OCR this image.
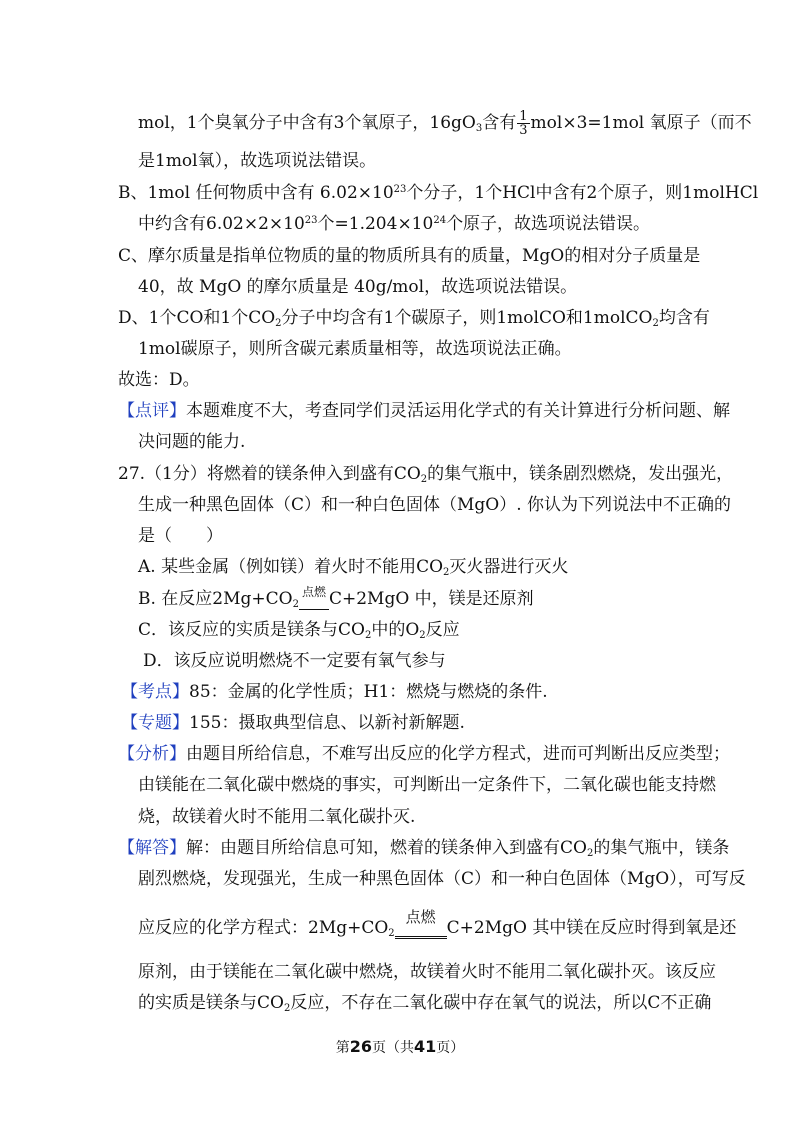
mol，1个臭氧分子中含有3个氧原子，$16gO_3$含有 $\frac{1}{3} mol\times 3=1mol$ 氧原子（而不
是1mol氧），故选项说法错误。
B、1mol 任何物质中含有 $6.02\times 10^{23}$个分子，1个HCl中含有2个原子，则1molHCl
中约含有$6.02\times 2\times 10^{23}$个$=1.204\times 10^{24}$个原子，故选项说法错误。
C、摩尔质量是指单位物质的量的物质所具有的质量，MgO的相对分子质量是
40，故 MgO 的摩尔质量是 40g/mol，故选项说法错误。
D、1个CO和1个$CO_2$分子中均含有1个碳原子，则1molCO和1molCO$_2$均含有
1mol碳原子，则所含碳元素质量相等，故选项说法正确。
故选：D。
【点评】本题难度不大，考查同学们灵活运用化学式的有关计算进行分析问题、解
决问题的能力.
27.（1分）将燃着的镁条伸入到盛有$CO_2$的集气瓶中，镁条剧烈燃烧，发出强光，
生成一种黑色固体（C）和一种白色固体（MgO）. 你认为下列说法中不正确的
是（　　）
A. 某些金属（例如镁）着火时不能用$CO_2$灭火器进行灭火
B. 在反应$2Mg+CO_2$
点燃 C+2MgO 中，镁是还原剂
C．该反应的实质是镁条与$CO_2$中的$O_2$反应
D．该反应说明燃烧不一定要有氧气参与
【考点】85：金属的化学性质；H1：燃烧与燃烧的条件.
【专题】155：摄取典型信息、以新衬新解题.
【分析】由题目所给信息，不难写出反应的化学方程式，进而可判断出反应类型；
由镁能在二氧化碳中燃烧的事实，可判断出一定条件下，二氧化碳也能支持燃
烧，故镁着火时不能用二氧化碳扑灭.
【解答】解：由题目所给信息可知，燃着的镁条伸入到盛有$CO_2$的集气瓶中，镁条
剧烈燃烧，发现强光，生成一种黑色固体（C）和一种白色固体（MgO），可写反
应反应的化学方程式：$2Mg+CO_2$
点燃
C+2MgO 其中镁在反应时得到氧是还
原剂，由于镁能在二氧化碳中燃烧，故镁着火时不能用二氧化碳扑灭。该反应
的实质是镁条与$CO_2$反应，不存在二氧化碳中存在氧气的说法，所以C不正确
第26页（共41页）
